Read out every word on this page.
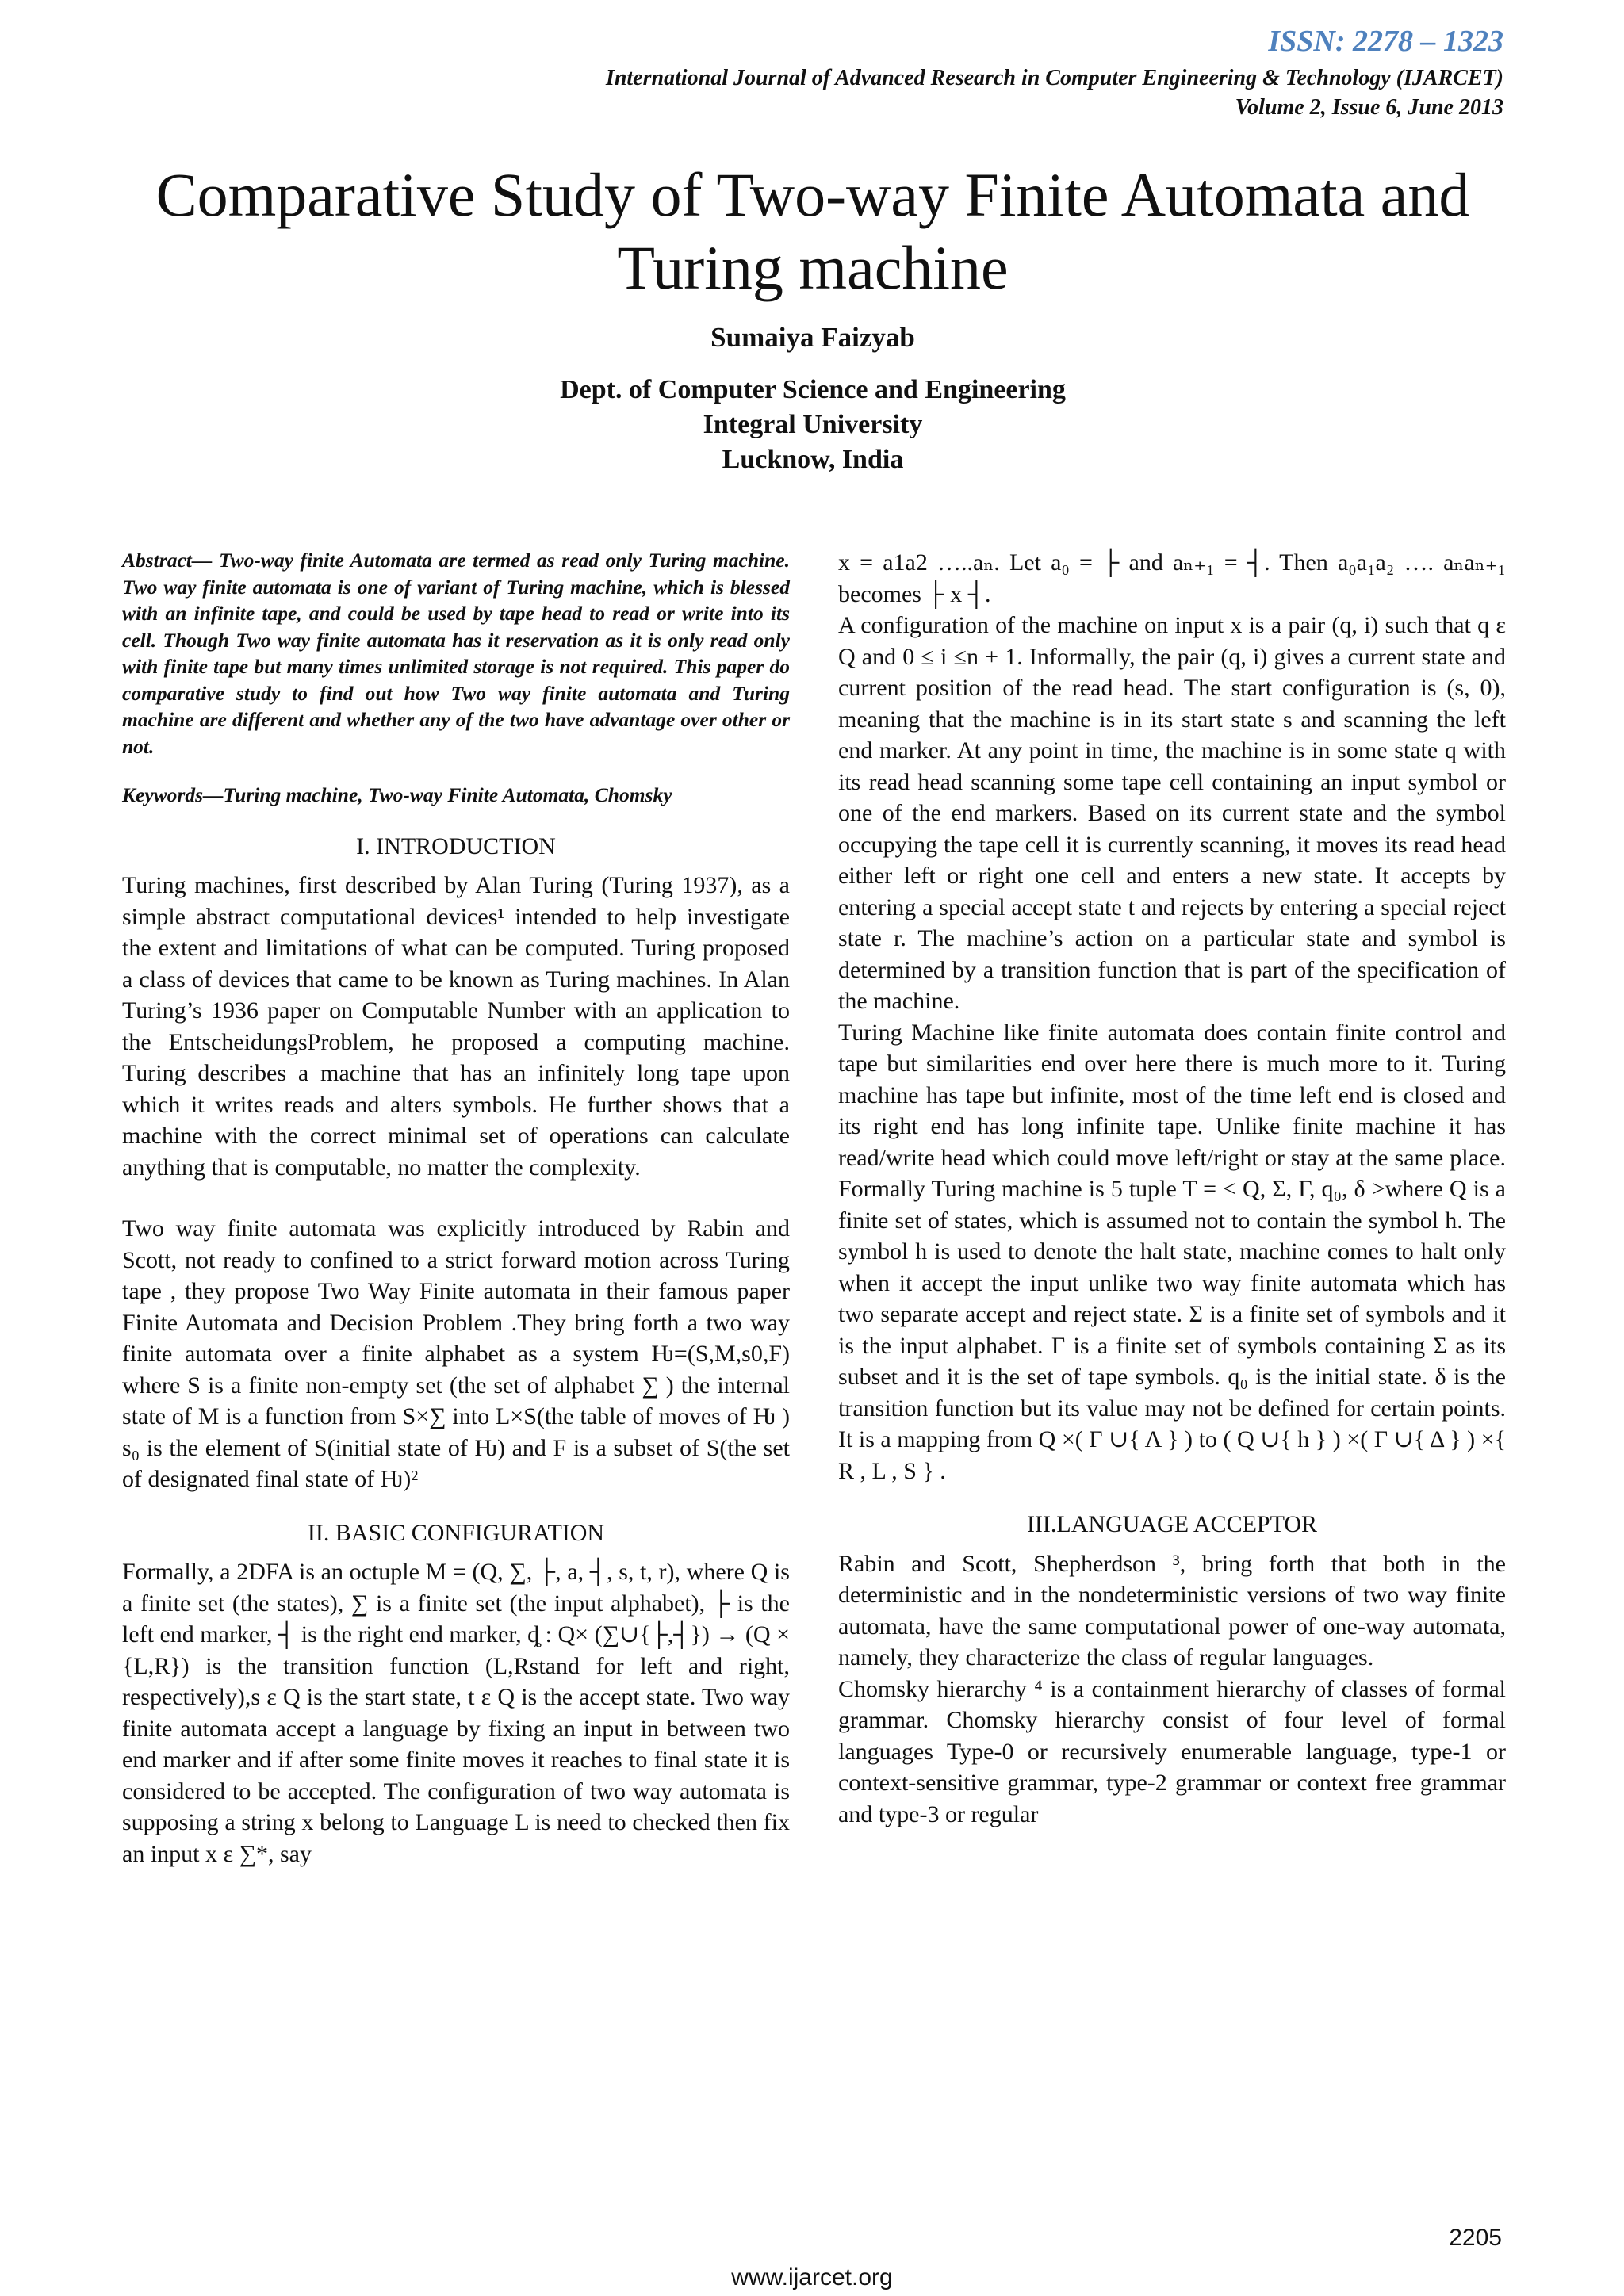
ISSN: 2278 – 1323
International Journal of Advanced Research in Computer Engineering & Technology (IJARCET)
Volume 2, Issue 6, June 2013
Comparative Study of Two-way Finite Automata and Turing machine
Sumaiya Faizyab
Dept. of Computer Science and Engineering
Integral University
Lucknow, India

Abstract— Two-way finite Automata are termed as read only Turing machine. Two way finite automata is one of variant of Turing machine, which is blessed with an infinite tape, and could be used by tape head to read or write into its cell. Though Two way finite automata has it reservation as it is only read only with finite tape but many times unlimited storage is not required. This paper do comparative study to find out how Two way finite automata and Turing machine are different and whether any of the two have advantage over other or not.

Keywords—Turing machine, Two-way Finite Automata, Chomsky

I. INTRODUCTION

Turing machines, first described by Alan Turing (Turing 1937), as a simple abstract computational devices¹ intended to help investigate the extent and limitations of what can be computed. Turing proposed a class of devices that came to be known as Turing machines. In Alan Turing’s 1936 paper on Computable Number with an application to the EntscheidungsProblem, he proposed a computing machine. Turing describes a machine that has an infinitely long tape upon which it writes reads and alters symbols. He further shows that a machine with the correct minimal set of operations can calculate anything that is computable, no matter the complexity.

Two way finite automata was explicitly introduced by Rabin and Scott, not ready to confined to a strict forward motion across Turing tape , they propose Two Way Finite automata in their famous paper Finite Automata and Decision Problem .They bring forth a two way finite automata over a finite alphabet as a system Ƕ=(S,M,s0,F) where S is a finite non-empty set (the set of alphabet ∑ ) the internal state of M is a function from S×∑ into L×S(the table of moves of Ƕ ) s₀ is the element of S(initial state of Ƕ) and F is a subset of S(the set of designated final state of Ƕ)²

II. BASIC CONFIGURATION

Formally, a 2DFA is an octuple M = (Q, ∑, ├, a, ┤, s, t, r), where Q is a finite set (the states), ∑ is a finite set (the input alphabet), ├ is the left end marker, ┤ is the right end marker, ȡ : Q× (∑∪{├,┤}) → (Q × {L,R}) is the transition function (L,Rstand for left and right, respectively),s ε Q is the start state, t ε Q is the accept state. Two way finite automata accept a language by fixing an input in between two end marker and if after some finite moves it reaches to final state it is considered to be accepted. The configuration of two way automata is supposing a string x belong to Language L is need to checked then fix an input x ε ∑*, say

x = a1a2 …..aₙ. Let a₀ = ├ and aₙ₊₁ = ┤. Then a₀a₁a₂ …. aₙaₙ₊₁ becomes ├ x ┤.

A configuration of the machine on input x is a pair (q, i) such that q ε Q and 0 ≤ i ≤n + 1. Informally, the pair (q, i) gives a current state and current position of the read head. The start configuration is (s, 0), meaning that the machine is in its start state s and scanning the left end marker. At any point in time, the machine is in some state q with its read head scanning some tape cell containing an input symbol or one of the end markers. Based on its current state and the symbol occupying the tape cell it is currently scanning, it moves its read head either left or right one cell and enters a new state. It accepts by entering a special accept state t and rejects by entering a special reject state r. The machine’s action on a particular state and symbol is determined by a transition function that is part of the specification of the machine.

Turing Machine like finite automata does contain finite control and tape but similarities end over here there is much more to it. Turing machine has tape but infinite, most of the time left end is closed and its right end has long infinite tape. Unlike finite machine it has read/write head which could move left/right or stay at the same place. Formally Turing machine is 5 tuple T = < Q, Σ, Γ, q₀, δ >where Q is a finite set of states, which is assumed not to contain the symbol h. The symbol h is used to denote the halt state, machine comes to halt only when it accept the input unlike two way finite automata which has two separate accept and reject state. Σ is a finite set of symbols and it is the input alphabet. Γ is a finite set of symbols containing Σ as its subset and it is the set of tape symbols. q₀ is the initial state. δ is the transition function but its value may not be defined for certain points. It is a mapping from Q ×( Γ ∪{ Λ } ) to ( Q ∪{ h } ) ×( Γ ∪{ Δ } ) ×{ R , L , S } .

III.LANGUAGE ACCEPTOR

Rabin and Scott, Shepherdson ³, bring forth that both in the deterministic and in the nondeterministic versions of two way finite automata, have the same computational power of one-way automata, namely, they characterize the class of regular languages.

Chomsky hierarchy ⁴ is a containment hierarchy of classes of formal grammar. Chomsky hierarchy consist of four level of formal languages Type-0 or recursively enumerable language, type-1 or context-sensitive grammar, type-2 grammar or context free grammar and type-3 or regular

2205
www.ijarcet.org
